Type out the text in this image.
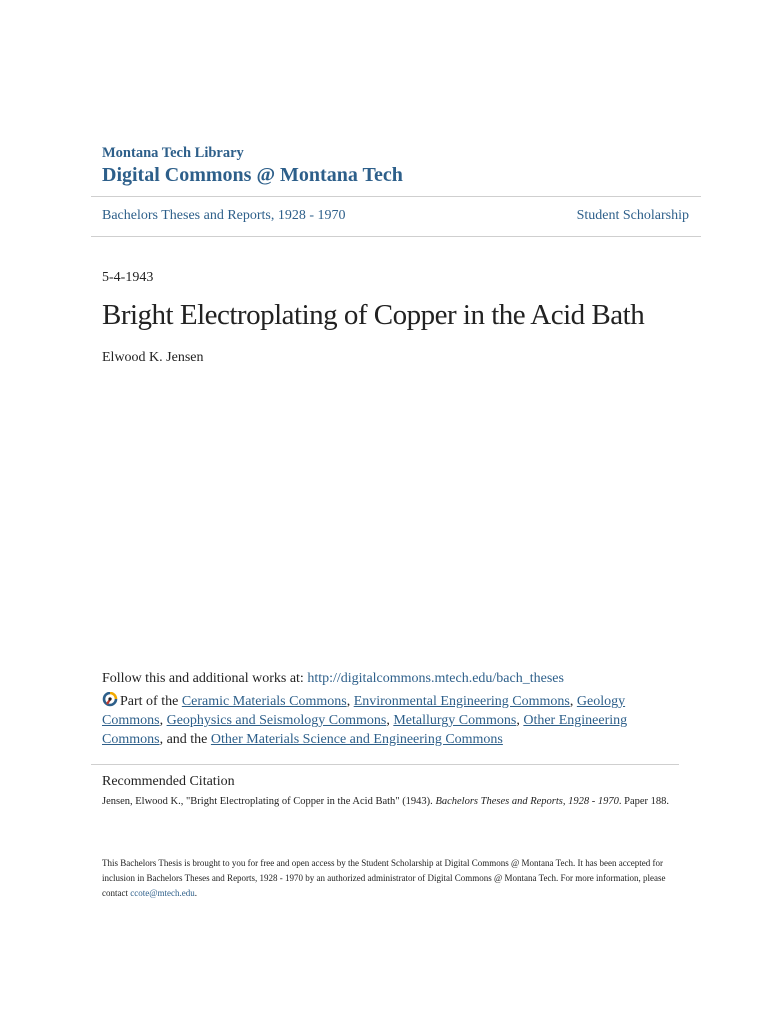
Montana Tech Library
Digital Commons @ Montana Tech
Bachelors Theses and Reports, 1928 - 1970	Student Scholarship
5-4-1943
Bright Electroplating of Copper in the Acid Bath
Elwood K. Jensen
Follow this and additional works at: http://digitalcommons.mtech.edu/bach_theses
Part of the Ceramic Materials Commons, Environmental Engineering Commons, Geology Commons, Geophysics and Seismology Commons, Metallurgy Commons, Other Engineering Commons, and the Other Materials Science and Engineering Commons
Recommended Citation
Jensen, Elwood K., "Bright Electroplating of Copper in the Acid Bath" (1943). Bachelors Theses and Reports, 1928 - 1970. Paper 188.
This Bachelors Thesis is brought to you for free and open access by the Student Scholarship at Digital Commons @ Montana Tech. It has been accepted for inclusion in Bachelors Theses and Reports, 1928 - 1970 by an authorized administrator of Digital Commons @ Montana Tech. For more information, please contact ccote@mtech.edu.
